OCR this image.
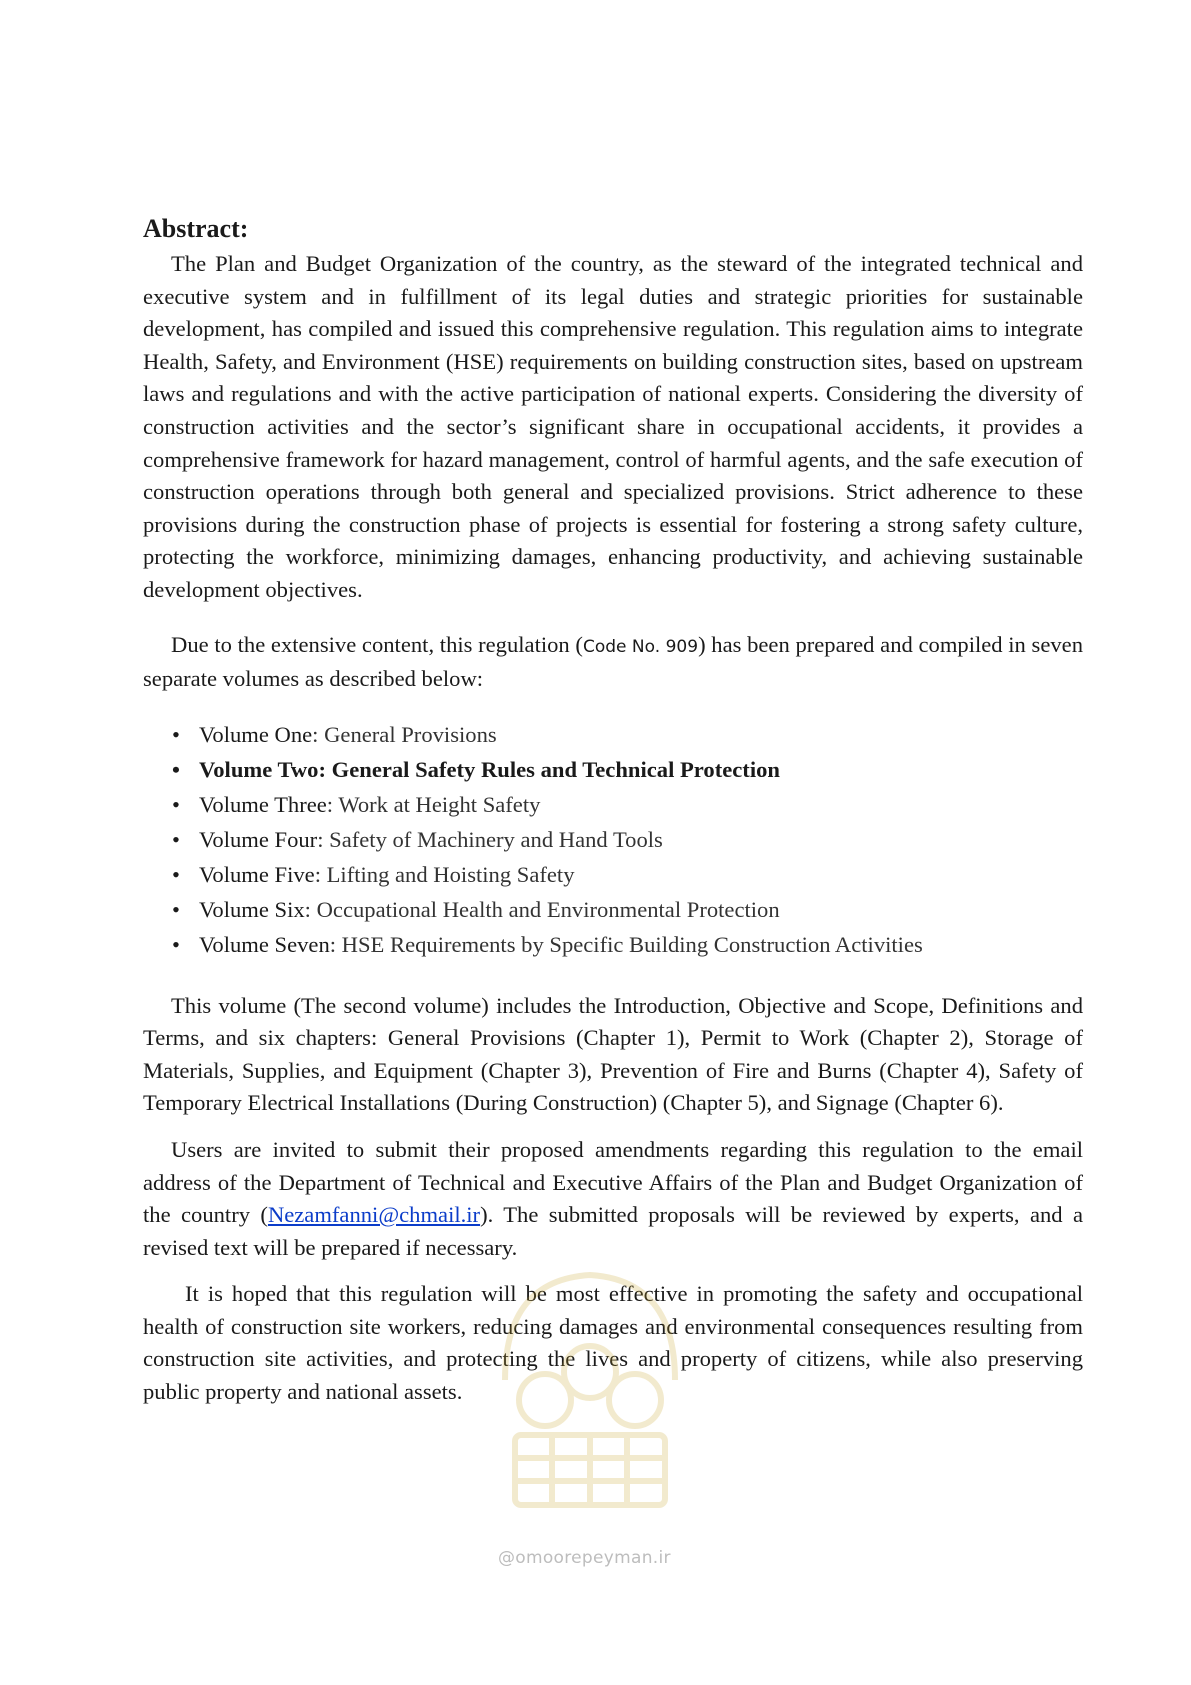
Abstract:

The Plan and Budget Organization of the country, as the steward of the integrated technical and executive system and in fulfillment of its legal duties and strategic priorities for sustainable development, has compiled and issued this comprehensive regulation. This regulation aims to integrate Health, Safety, and Environment (HSE) requirements on building construction sites, based on upstream laws and regulations and with the active participation of national experts. Considering the diversity of construction activities and the sector’s significant share in occupational accidents, it provides a comprehensive framework for hazard management, control of harmful agents, and the safe execution of construction operations through both general and specialized provisions. Strict adherence to these provisions during the construction phase of projects is essential for fostering a strong safety culture, protecting the workforce, minimizing damages, enhancing productivity, and achieving sustainable development objectives.

Due to the extensive content, this regulation (Code No. 909) has been prepared and compiled in seven separate volumes as described below:

• Volume One: General Provisions
• Volume Two: General Safety Rules and Technical Protection
• Volume Three: Work at Height Safety
• Volume Four: Safety of Machinery and Hand Tools
• Volume Five: Lifting and Hoisting Safety
• Volume Six: Occupational Health and Environmental Protection
• Volume Seven: HSE Requirements by Specific Building Construction Activities

This volume (The second volume) includes the Introduction, Objective and Scope, Definitions and Terms, and six chapters: General Provisions (Chapter 1), Permit to Work (Chapter 2), Storage of Materials, Supplies, and Equipment (Chapter 3), Prevention of Fire and Burns (Chapter 4), Safety of Temporary Electrical Installations (During Construction) (Chapter 5), and Signage (Chapter 6).

Users are invited to submit their proposed amendments regarding this regulation to the email address of the Department of Technical and Executive Affairs of the Plan and Budget Organization of the country (Nezamfanni@chmail.ir). The submitted proposals will be reviewed by experts, and a revised text will be prepared if necessary.

It is hoped that this regulation will be most effective in promoting the safety and occupational health of construction site workers, reducing damages and environmental consequences resulting from construction site activities, and protecting the lives and property of citizens, while also preserving public property and national assets.

@omoorepeyman.ir
